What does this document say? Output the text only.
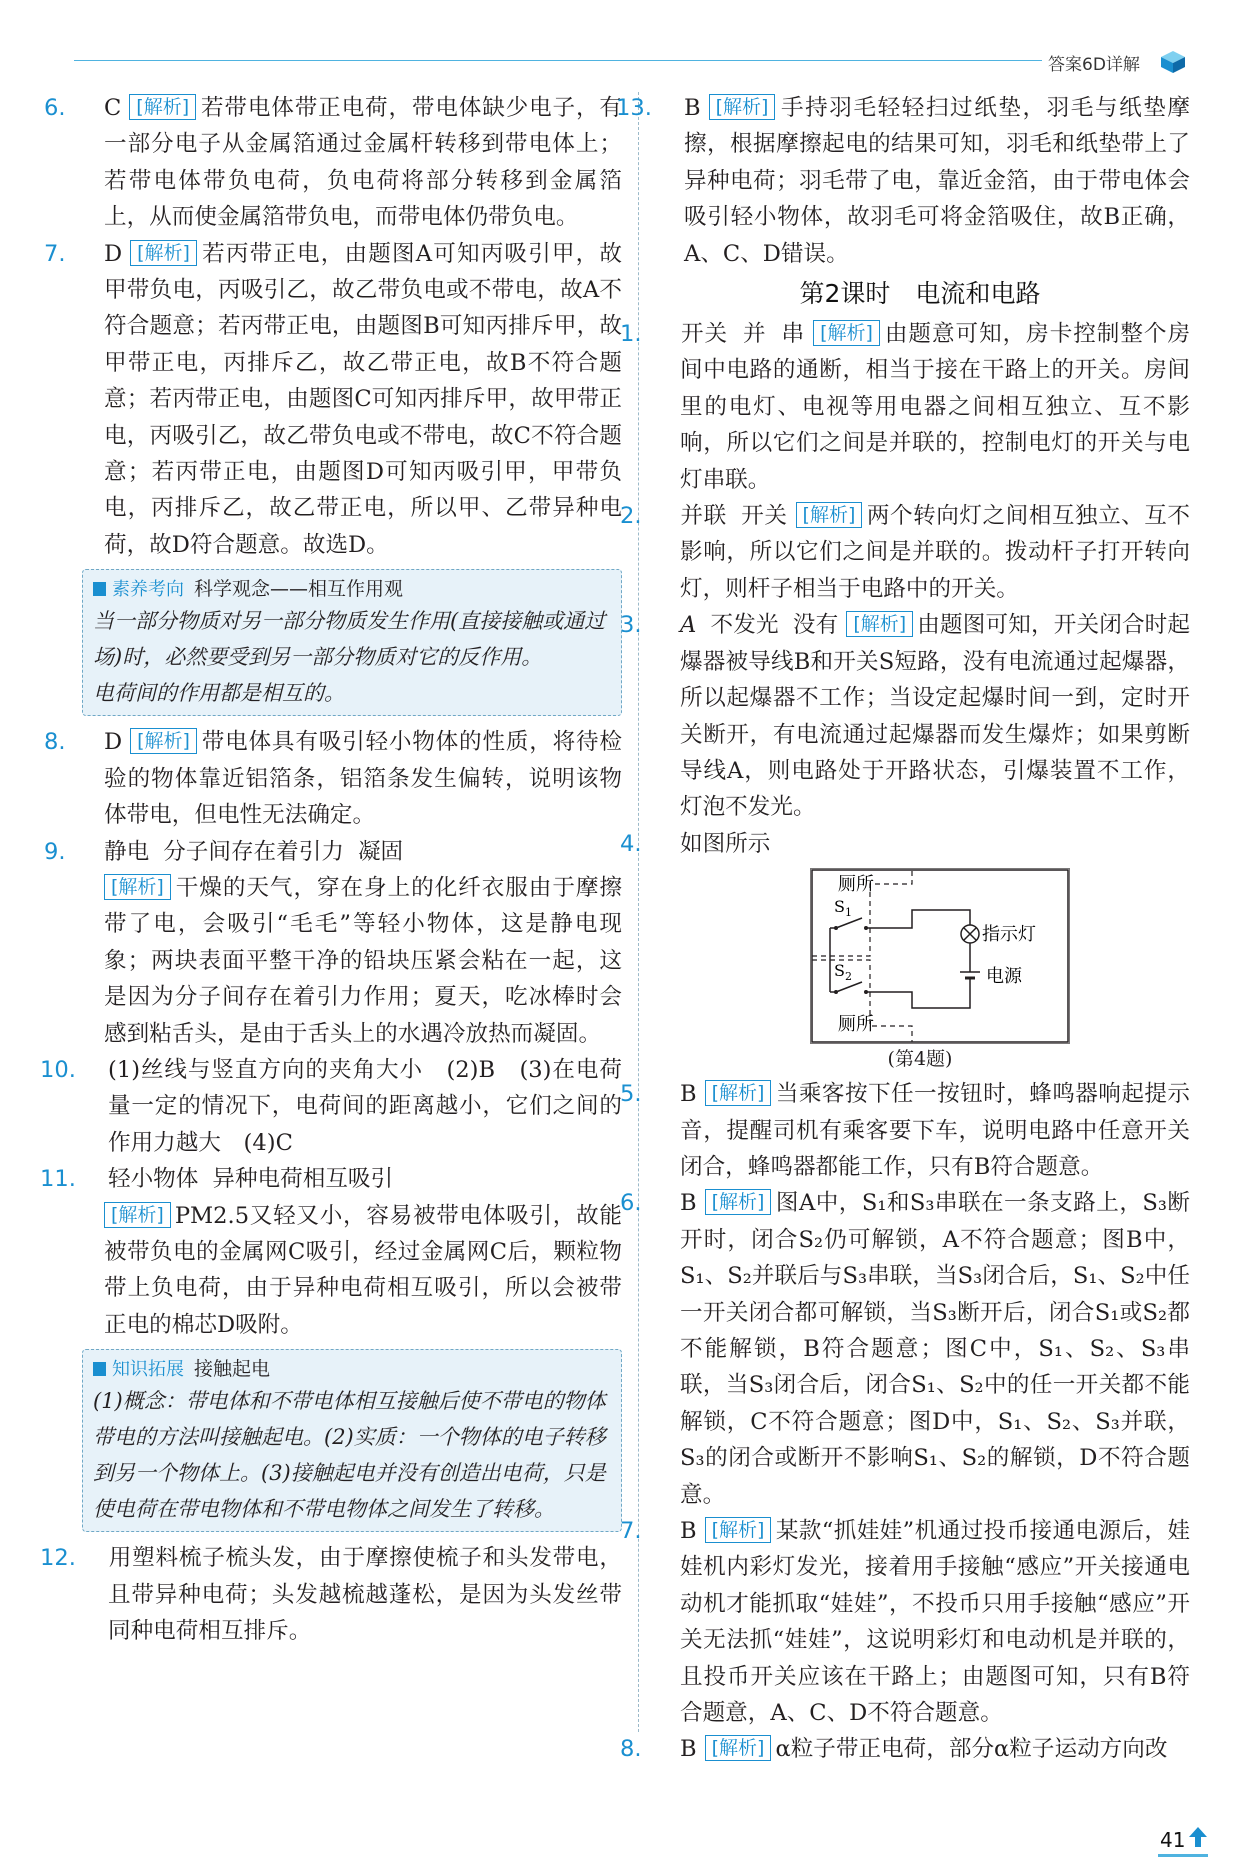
答案6D详解

6. C [解析] 若带电体带正电荷，带电体缺少电子，有一部分电子从金属箔通过金属杆转移到带电体上；若带电体带负电荷，负电荷将部分转移到金属箔上，从而使金属箔带负电，而带电体仍带负电。

7. D [解析] 若丙带正电，由题图A可知丙吸引甲，故甲带负电，丙吸引乙，故乙带负电或不带电，故A不符合题意；若丙带正电，由题图B可知丙排斥甲，故甲带正电，丙排斥乙，故乙带正电，故B不符合题意；若丙带正电，由题图C可知丙排斥甲，故甲带正电，丙吸引乙，故乙带负电或不带电，故C不符合题意；若丙带正电，由题图D可知丙吸引甲，甲带负电，丙排斥乙，故乙带正电，所以甲、乙带异种电荷，故D符合题意。故选D。

素养考向 科学观念——相互作用观
当一部分物质对另一部分物质发生作用(直接接触或通过场)时，必然要受到另一部分物质对它的反作用。
电荷间的作用都是相互的。

8. D [解析] 带电体具有吸引轻小物体的性质，将待检验的物体靠近铝箔条，铝箔条发生偏转，说明该物体带电，但电性无法确定。

9. 静电 分子间存在着引力 凝固

[解析] 干燥的天气，穿在身上的化纤衣服由于摩擦带了电，会吸引“毛毛”等轻小物体，这是静电现象；两块表面平整干净的铅块压紧会粘在一起，这是因为分子间存在着引力作用；夏天，吃冰棒时会感到粘舌头，是由于舌头上的水遇冷放热而凝固。

10. (1)丝线与竖直方向的夹角大小　(2)B　(3)在电荷量一定的情况下，电荷间的距离越小，它们之间的作用力越大　(4)C

11. 轻小物体 异种电荷相互吸引

[解析] PM2.5又轻又小，容易被带电体吸引，故能被带负电的金属网C吸引，经过金属网C后，颗粒物带上负电荷，由于异种电荷相互吸引，所以会被带正电的棉芯D吸附。

知识拓展 接触起电
(1)概念：带电体和不带电体相互接触后使不带电的物体带电的方法叫接触起电。(2)实质：一个物体的电子转移到另一个物体上。(3)接触起电并没有创造出电荷，只是使电荷在带电物体和不带电物体之间发生了转移。

12. 用塑料梳子梳头发，由于摩擦使梳子和头发带电，且带异种电荷；头发越梳越蓬松，是因为头发丝带同种电荷相互排斥。

13. B [解析] 手持羽毛轻轻扫过纸垫，羽毛与纸垫摩擦，根据摩擦起电的结果可知，羽毛和纸垫带上了异种电荷；羽毛带了电，靠近金箔，由于带电体会吸引轻小物体，故羽毛可将金箔吸住，故B正确，A、C、D错误。

第2课时　电流和电路

1. 开关 并 串 [解析] 由题意可知，房卡控制整个房间中电路的通断，相当于接在干路上的开关。房间里的电灯、电视等用电器之间相互独立、互不影响，所以它们之间是并联的，控制电灯的开关与电灯串联。

2. 并联 开关 [解析] 两个转向灯之间相互独立、互不影响，所以它们之间是并联的。拨动杆子打开转向灯，则杆子相当于电路中的开关。

3. A 不发光 没有 [解析] 由题图可知，开关闭合时起爆器被导线B和开关S短路，没有电流通过起爆器，所以起爆器不工作；当设定起爆时间一到，定时开关断开，有电流通过起爆器而发生爆炸；如果剪断导线A，则电路处于开路状态，引爆装置不工作，灯泡不发光。

4. 如图所示

厕所
厕所
$S_1$
$S_2$
指示灯
电源
(第4题)

5. B [解析] 当乘客按下任一按钮时，蜂鸣器响起提示音，提醒司机有乘客要下车，说明电路中任意开关闭合，蜂鸣器都能工作，只有B符合题意。

6. B [解析] 图A中，S₁和S₃串联在一条支路上，S₃断开时，闭合S₂仍可解锁，A不符合题意；图B中，S₁、S₂并联后与S₃串联，当S₃闭合后，S₁、S₂中任一开关闭合都可解锁，当S₃断开后，闭合S₁或S₂都不能解锁，B符合题意；图C中，S₁、S₂、S₃串联，当S₃闭合后，闭合S₁、S₂中的任一开关都不能解锁，C不符合题意；图D中，S₁、S₂、S₃并联，S₃的闭合或断开不影响S₁、S₂的解锁，D不符合题意。

7. B [解析] 某款“抓娃娃”机通过投币接通电源后，娃娃机内彩灯发光，接着用手接触“感应”开关接通电动机才能抓取“娃娃”，不投币只用手接触“感应”开关无法抓“娃娃”，这说明彩灯和电动机是并联的，且投币开关应该在干路上；由题图可知，只有B符合题意，A、C、D不符合题意。

8. B [解析] α粒子带正电荷，部分α粒子运动方向改

41
